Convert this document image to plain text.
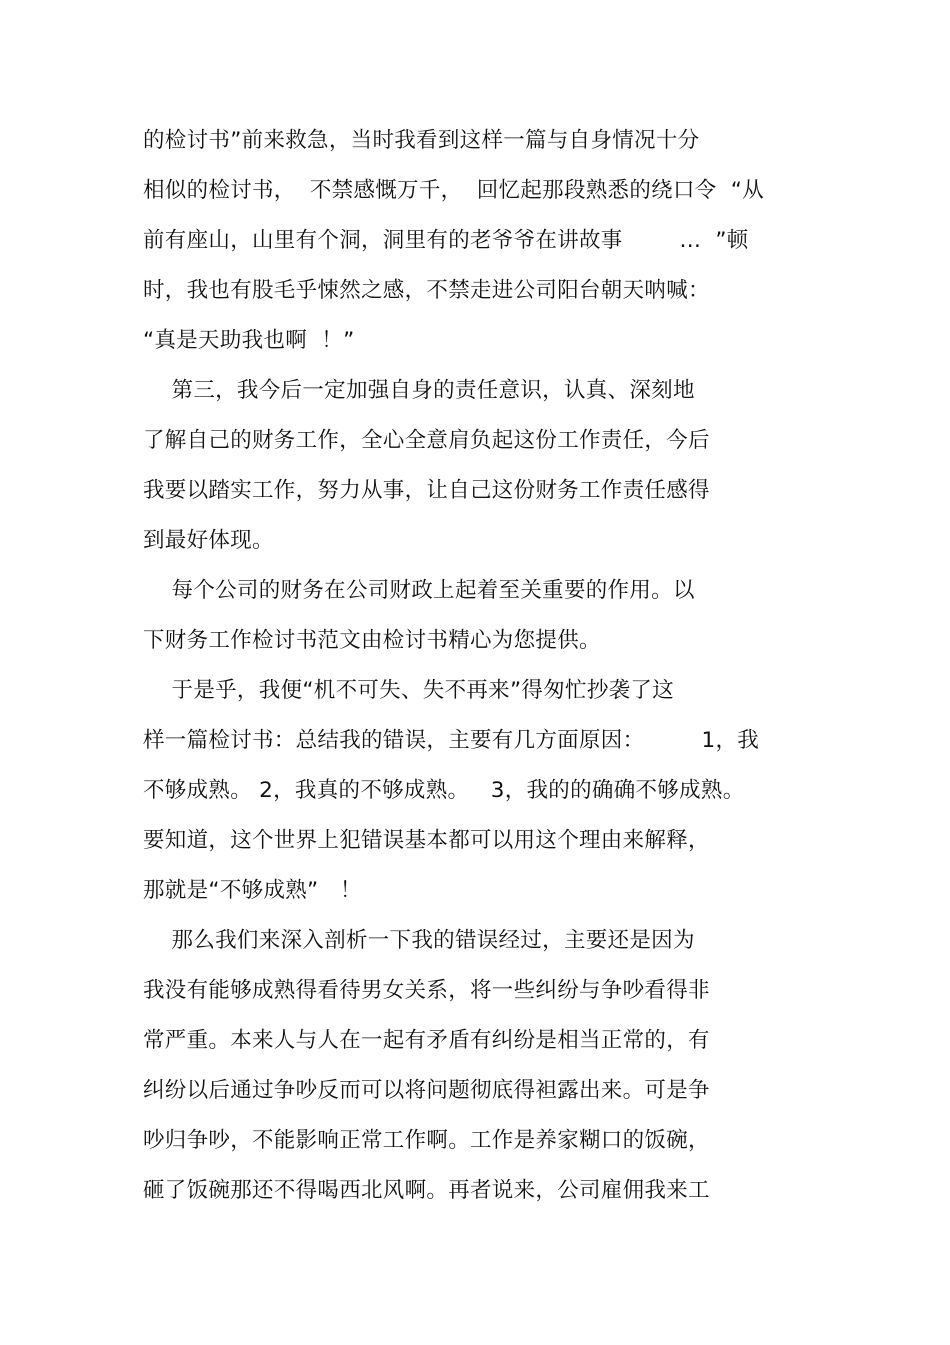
的检讨书”前来救急，当时我看到这样一篇与自身情况十分
相似的检讨书，  不禁感慨万千，  回忆起那段熟悉的绕口令  “从
前有座山，山里有个洞，洞里有的老爷爷在讲故事        ...  ”顿
时，我也有股毛乎悚然之感，不禁走进公司阳台朝天呐喊：
“真是天助我也啊  ！”
第三，我今后一定加强自身的责任意识，认真、深刻地
了解自己的财务工作，全心全意肩负起这份工作责任，今后
我要以踏实工作，努力从事，让自己这份财务工作责任感得
到最好体现。
每个公司的财务在公司财政上起着至关重要的作用。以
下财务工作检讨书范文由检讨书精心为您提供。
于是乎，我便“机不可失、失不再来”得匆忙抄袭了这
样一篇检讨书：总结我的错误，主要有几方面原因：        1，我
不够成熟。 2，我真的不够成熟。   3，我的的确确不够成熟。
要知道，这个世界上犯错误基本都可以用这个理由来解释，
那就是“不够成熟”   ！
那么我们来深入剖析一下我的错误经过，主要还是因为
我没有能够成熟得看待男女关系，将一些纠纷与争吵看得非
常严重。本来人与人在一起有矛盾有纠纷是相当正常的，有
纠纷以后通过争吵反而可以将问题彻底得袒露出来。可是争
吵归争吵，不能影响正常工作啊。工作是养家糊口的饭碗，
砸了饭碗那还不得喝西北风啊。再者说来，公司雇佣我来工
